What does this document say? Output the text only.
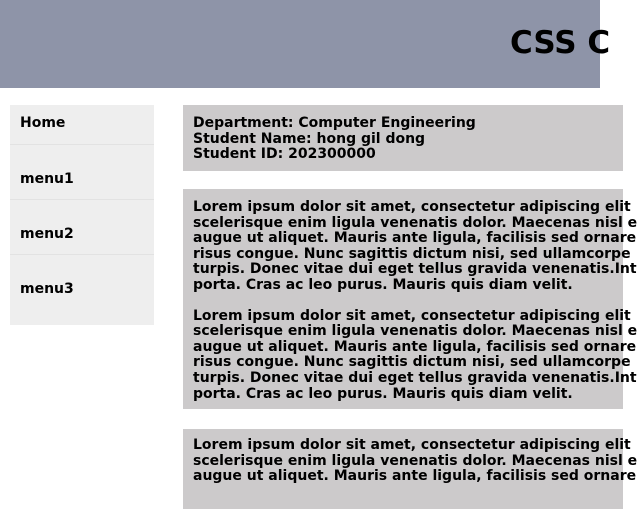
CSS C
Home
menu1
menu2
menu3
Department: Computer Engineering
Student Name: hong gil dong
Student ID: 202300000

Lorem ipsum dolor sit amet, consectetur adipiscing elit
scelerisque enim ligula venenatis dolor. Maecenas nisl e
augue ut aliquet. Mauris ante ligula, facilisis sed ornare
risus congue. Nunc sagittis dictum nisi, sed ullamcorpe
turpis. Donec vitae dui eget tellus gravida venenatis.Int
porta. Cras ac leo purus. Mauris quis diam velit.

Lorem ipsum dolor sit amet, consectetur adipiscing elit
scelerisque enim ligula venenatis dolor. Maecenas nisl e
augue ut aliquet. Mauris ante ligula, facilisis sed ornare
risus congue. Nunc sagittis dictum nisi, sed ullamcorpe
turpis. Donec vitae dui eget tellus gravida venenatis.Int
porta. Cras ac leo purus. Mauris quis diam velit.

Lorem ipsum dolor sit amet, consectetur adipiscing elit
scelerisque enim ligula venenatis dolor. Maecenas nisl e
augue ut aliquet. Mauris ante ligula, facilisis sed ornare
